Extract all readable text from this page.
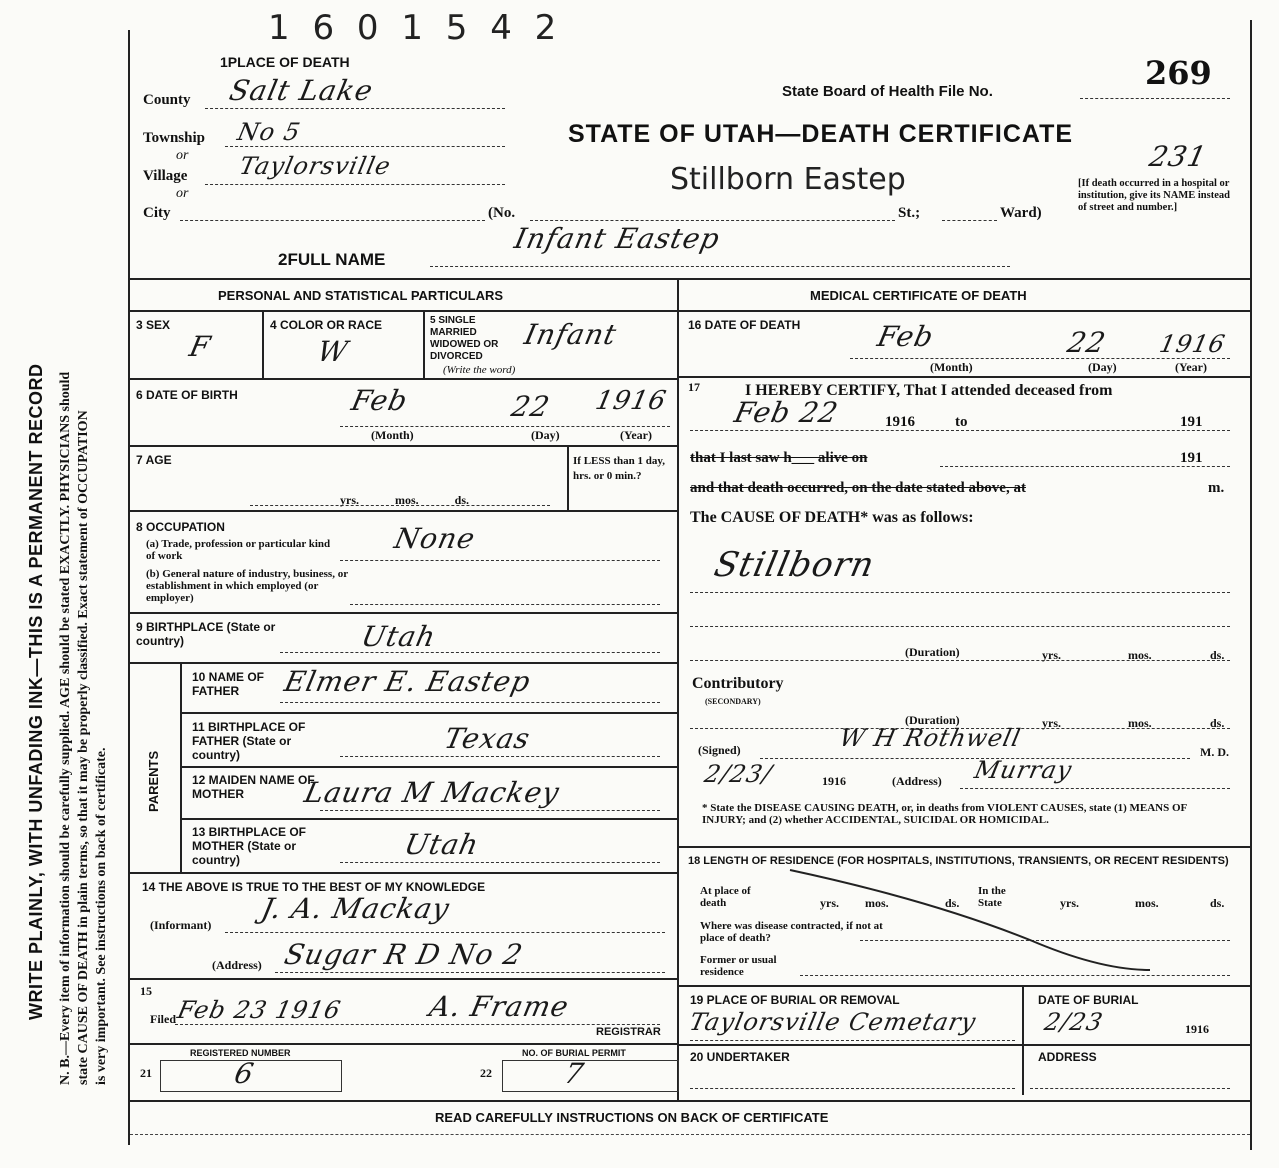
WRITE PLAINLY, WITH UNFADING INK—THIS IS A PERMANENT RECORD N. B.—Every item of information should be carefully supplied. AGE should be stated EXACTLY. PHYSICIANS should state CAUSE OF DEATH in plain terms, so that it may be properly classified. Exact statement of OCCUPATION is very important. See instructions on back of certificate.
1 6 0 1 5 4 2
1PLACE OF DEATH
County Salt Lake
Township No 5
or
Village Taylorsville
or
City	(No.	St.;	Ward)
State Board of Health File No.	269
STATE OF UTAH—DEATH CERTIFICATE
231
Stillborn Eastep	[If death occurred in a hospital or institution, give its NAME instead of street and number.]
2FULL NAME
Infant Eastep
PERSONAL AND STATISTICAL PARTICULARS
3 SEX
F
4 COLOR OR RACE
W
5 SINGLE MARRIED WIDOWED OR DIVORCED
(Write the word)
Infant
6 DATE OF BIRTH	Feb	22 1916
(Month)	(Day)	(Year)
7 AGE
yrs.            mos.            ds.
If LESS than 1 day, hrs. or 0 min.?
8 OCCUPATION
(a) Trade, profession or particular kind of work
None
(b) General nature of industry, business, or establishment in which employed (or employer)
9 BIRTHPLACE (State or country)	Utah
PARENTS
10 NAME OF FATHER	Elmer E. Eastep
11 BIRTHPLACE OF FATHER (State or country)	Texas
12 MAIDEN NAME OF MOTHER	Laura M Mackey
13 BIRTHPLACE OF MOTHER (State or country)	Utah
14 THE ABOVE IS TRUE TO THE BEST OF MY KNOWLEDGE
(Informant) J. A. Mackay
(Address) Sugar R D No 2
15
Filed Feb 23 1916	A. Frame
REGISTRAR
REGISTERED NUMBER
21	6
NO. OF BURIAL PERMIT
22 7
MEDICAL CERTIFICATE OF DEATH
16 DATE OF DEATH	Feb	22 1916
(Month)	(Day)	(Year)
17	I HEREBY CERTIFY, That I attended deceased from
Feb 22	1916	to	191
that I last saw h___ alive on	191
and that death occurred, on the date stated above, at	m.
The CAUSE OF DEATH* was as follows:
Stillborn
(Duration)	yrs.	mos.	ds.
Contributory
(SECONDARY)
(Duration)	yrs.	mos.	ds.
(Signed)	W H Rothwell	M. D.
2/23/	1916	(Address) Murray
* State the DISEASE CAUSING DEATH, or, in deaths from VIOLENT CAUSES, state (1) MEANS OF INJURY; and (2) whether ACCIDENTAL, SUICIDAL OR HOMICIDAL.
18 LENGTH OF RESIDENCE (FOR HOSPITALS, INSTITUTIONS, TRANSIENTS, OR RECENT RESIDENTS)
At place of death	yrs. mos.	ds.
In the State	yrs.	mos.	ds.
Where was disease contracted, if not at place of death?
Former or usual residence
19 PLACE OF BURIAL OR REMOVAL
Taylorsville Cemetary
DATE OF BURIAL
2/23	1916
20 UNDERTAKER	ADDRESS
READ CAREFULLY INSTRUCTIONS ON BACK OF CERTIFICATE
